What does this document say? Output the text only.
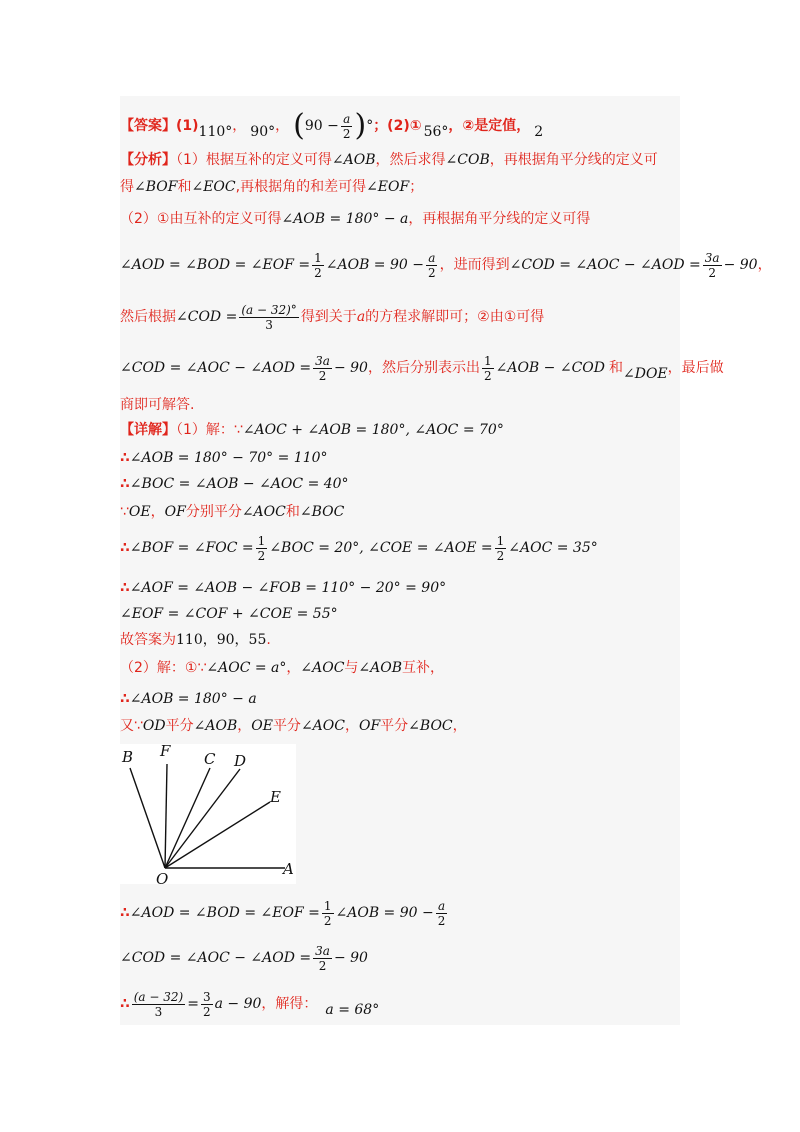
【答案】 (1) 110° ， 90° ， ( $90 - \frac{a}{2}$ ) ° ；(2)① 56° ，②是定值， 2
【分析】（1）根据互补的定义可得∠AOB，然后求得∠COB，再根据角平分线的定义可
得∠BOF和∠EOC,再根据角的和差可得∠EOF；
（2）①由互补的定义可得∠AOB = 180° − a，再根据角平分线的定义可得
∠AOD = ∠BOD = ∠EOF = $\frac{1}{2}$ ∠AOB = $90 - \frac{a}{2}$ ，进而得到 ∠COD = ∠AOC − ∠AOD = $\frac{3a}{2} - 90$ ，
然后根据 ∠COD = $\frac{(a - 32)^\circ}{3}$ 得到关于 a 的方程求解即可；②由①可得
∠COD = ∠AOC − ∠AOD = $\frac{3a}{2} - 90$ ，然后分别表示出 $\frac{1}{2}$ ∠AOB − ∠COD 和 ∠DOE ，最后做
商即可解答.
【详解】（1）解：∵∠AOC + ∠AOB = 180°, ∠AOC = 70°
∴∠AOB = 180° − 70° = 110°
∴∠BOC = ∠AOB − ∠AOC = 40°
∵OE，OF分别平分∠AOC和∠BOC
∴ ∠BOF = ∠FOC = $\frac{1}{2}$ ∠BOC = 20°, ∠COE = ∠AOE = $\frac{1}{2}$ ∠AOC = 35°
∴∠AOF = ∠AOB − ∠FOB = 110° − 20° = 90°
∠EOF = ∠COF + ∠COE = 55°
故答案为110，90，55.
（2）解：①∵∠AOC = a°，∠AOC与∠AOB互补，
∴∠AOB = 180° − a
又∵OD平分∠AOB，OE平分∠AOC，OF平分∠BOC，
B F C D
E
O
A
∴ ∠AOD = ∠BOD = ∠EOF = $\frac{1}{2}$ ∠AOB = $90 - \frac{a}{2}$
∠COD = ∠AOC − ∠AOD = $\frac{3a}{2} - 90$
∴ $\frac{(a - 32)}{3} = \frac{3}{2}$ a − 90 ，解得： a = 68°
